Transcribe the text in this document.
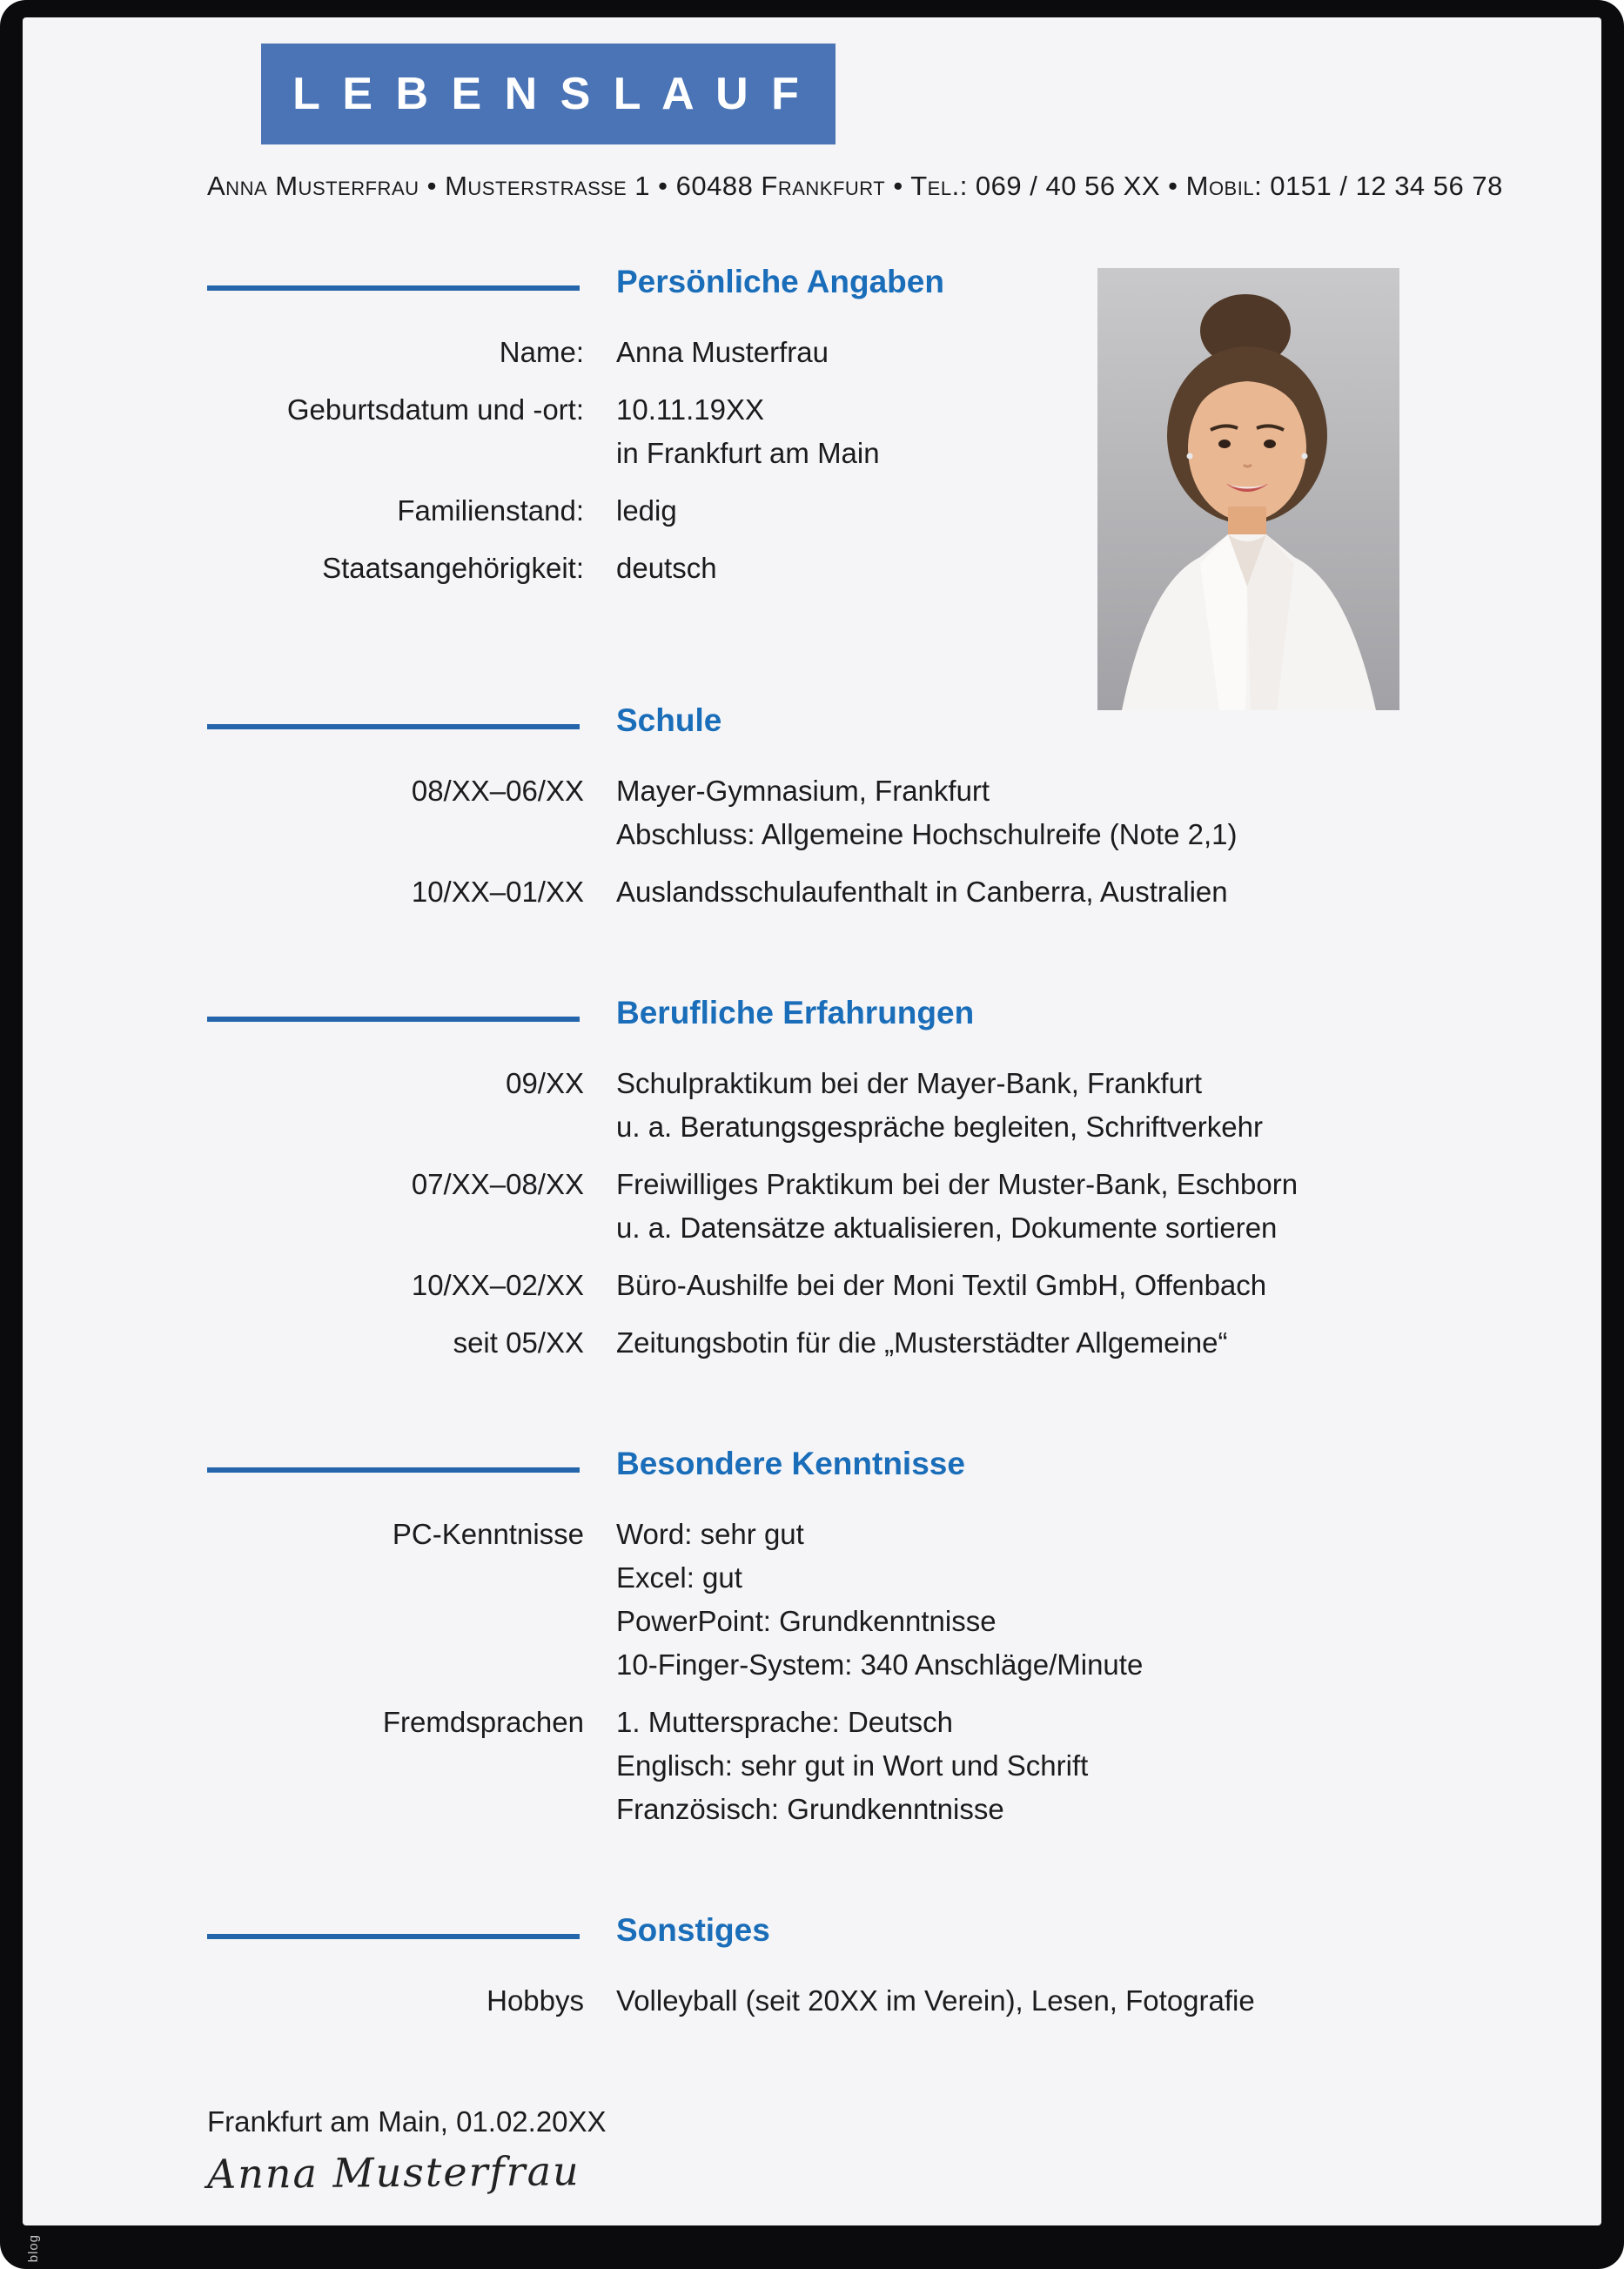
L E B E N S L A U F
Anna Musterfrau • Musterstraße 1 • 60488 Frankfurt • Tel.: 069 / 40 56 XX • Mobil: 0151 / 12 34 56 78
Persönliche Angaben
Name: Anna Musterfrau
Geburtsdatum und -ort: 10.11.19XX
in Frankfurt am Main
Familienstand: ledig
Staatsangehörigkeit: deutsch
Schule
08/XX–06/XX Mayer-Gymnasium, Frankfurt
Abschluss: Allgemeine Hochschulreife (Note 2,1)
10/XX–01/XX Auslandsschulaufenthalt in Canberra, Australien
Berufliche Erfahrungen
09/XX Schulpraktikum bei der Mayer-Bank, Frankfurt
u. a. Beratungsgespräche begleiten, Schriftverkehr
07/XX–08/XX Freiwilliges Praktikum bei der Muster-Bank, Eschborn
u. a. Datensätze aktualisieren, Dokumente sortieren
10/XX–02/XX Büro-Aushilfe bei der Moni Textil GmbH, Offenbach
seit 05/XX Zeitungsbotin für die „Musterstädter Allgemeine“
Besondere Kenntnisse
PC-Kenntnisse Word: sehr gut
Excel: gut
PowerPoint: Grundkenntnisse
10-Finger-System: 340 Anschläge/Minute
Fremdsprachen 1. Muttersprache: Deutsch
Englisch: sehr gut in Wort und Schrift
Französisch: Grundkenntnisse
Sonstiges
Hobbys Volleyball (seit 20XX im Verein), Lesen, Fotografie
Frankfurt am Main, 01.02.20XX
Anna Musterfrau
blog
